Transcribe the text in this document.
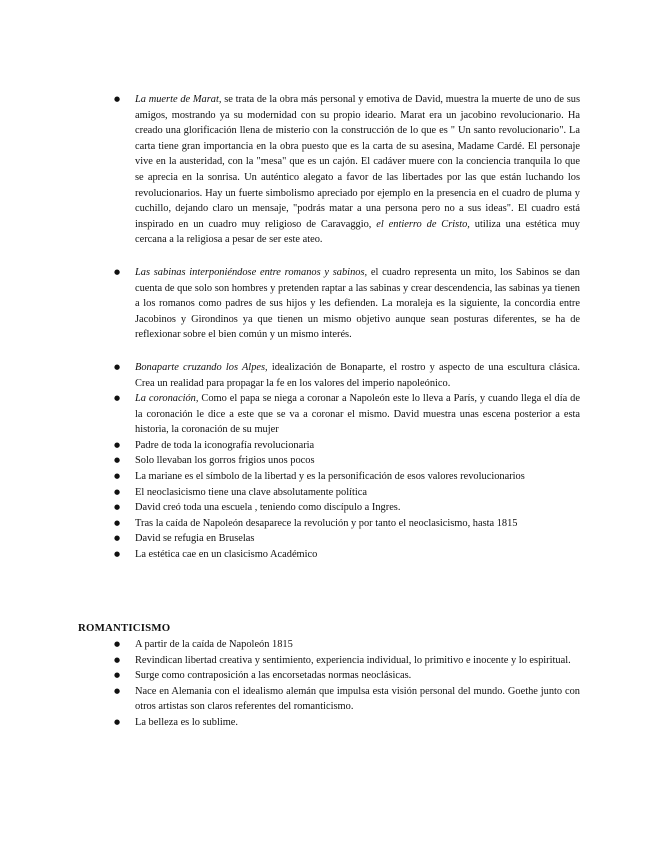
● La muerte de Marat, se trata de la obra más personal y emotiva de David, muestra la muerte de uno de sus amigos, mostrando ya su modernidad con su propio ideario. Marat era un jacobino revolucionario. Ha creado una glorificación llena de misterio con la construcción de lo que es " Un santo revolucionario". La carta tiene gran importancia en la obra puesto que es la carta de su asesina, Madame Cardé. El personaje vive en la austeridad, con la "mesa" que es un cajón. El cadáver muere con la conciencia tranquila lo que se aprecia en la sonrisa. Un auténtico alegato a favor de las libertades por las que están luchando los revolucionarios. Hay un fuerte simbolismo apreciado por ejemplo en la presencia en el cuadro de pluma y cuchillo, dejando claro un mensaje, "podrás matar a una persona pero no a sus ideas". El cuadro está inspirado en un cuadro muy religioso de Caravaggio, el entierro de Cristo, utiliza una estética muy cercana a la religiosa a pesar de ser este ateo.
● Las sabinas interponiéndose entre romanos y sabinos, el cuadro representa un mito, los Sabinos se dan cuenta de que solo son hombres y pretenden raptar a las sabinas y crear descendencia, las sabinas ya tienen a los romanos como padres de sus hijos y les defienden. La moraleja es la siguiente, la concordia entre Jacobinos y Girondinos ya que tienen un mismo objetivo aunque sean posturas diferentes, se ha de reflexionar sobre el bien común y un mismo interés.
● Bonaparte cruzando los Alpes, idealización de Bonaparte, el rostro y aspecto de una escultura clásica. Crea un realidad para propagar la fe en los valores del imperio napoleónico.
● La coronación, Como el papa se niega a coronar a Napoleón este lo lleva a París, y cuando llega el día de la coronación le dice a este que se va a coronar el mismo. David muestra unas escena posterior a esta historia, la coronación de su mujer
● Padre de toda la iconografía revolucionaria
● Solo llevaban los gorros frigios unos pocos
● La mariane es el símbolo de la libertad y es la personificación de esos valores revolucionarios
● El neoclasicismo tiene una clave absolutamente política
● David creó toda una escuela , teniendo como discípulo a Ingres.
● Tras la caída de Napoleón desaparece la revolución y por tanto el neoclasicismo, hasta 1815
● David se refugia en Bruselas
● La estética cae en un clasicismo Académico
ROMANTICISMO
● A partir de la caída de Napoleón 1815
● Revindican libertad creativa y sentimiento, experiencia individual, lo primitivo e inocente y lo espiritual.
● Surge como contraposición a las encorsetadas normas neoclásicas.
● Nace en Alemania con el idealismo alemán que impulsa esta visión personal del mundo. Goethe junto con otros artistas son claros referentes del romanticismo.
● La belleza es lo sublime.
